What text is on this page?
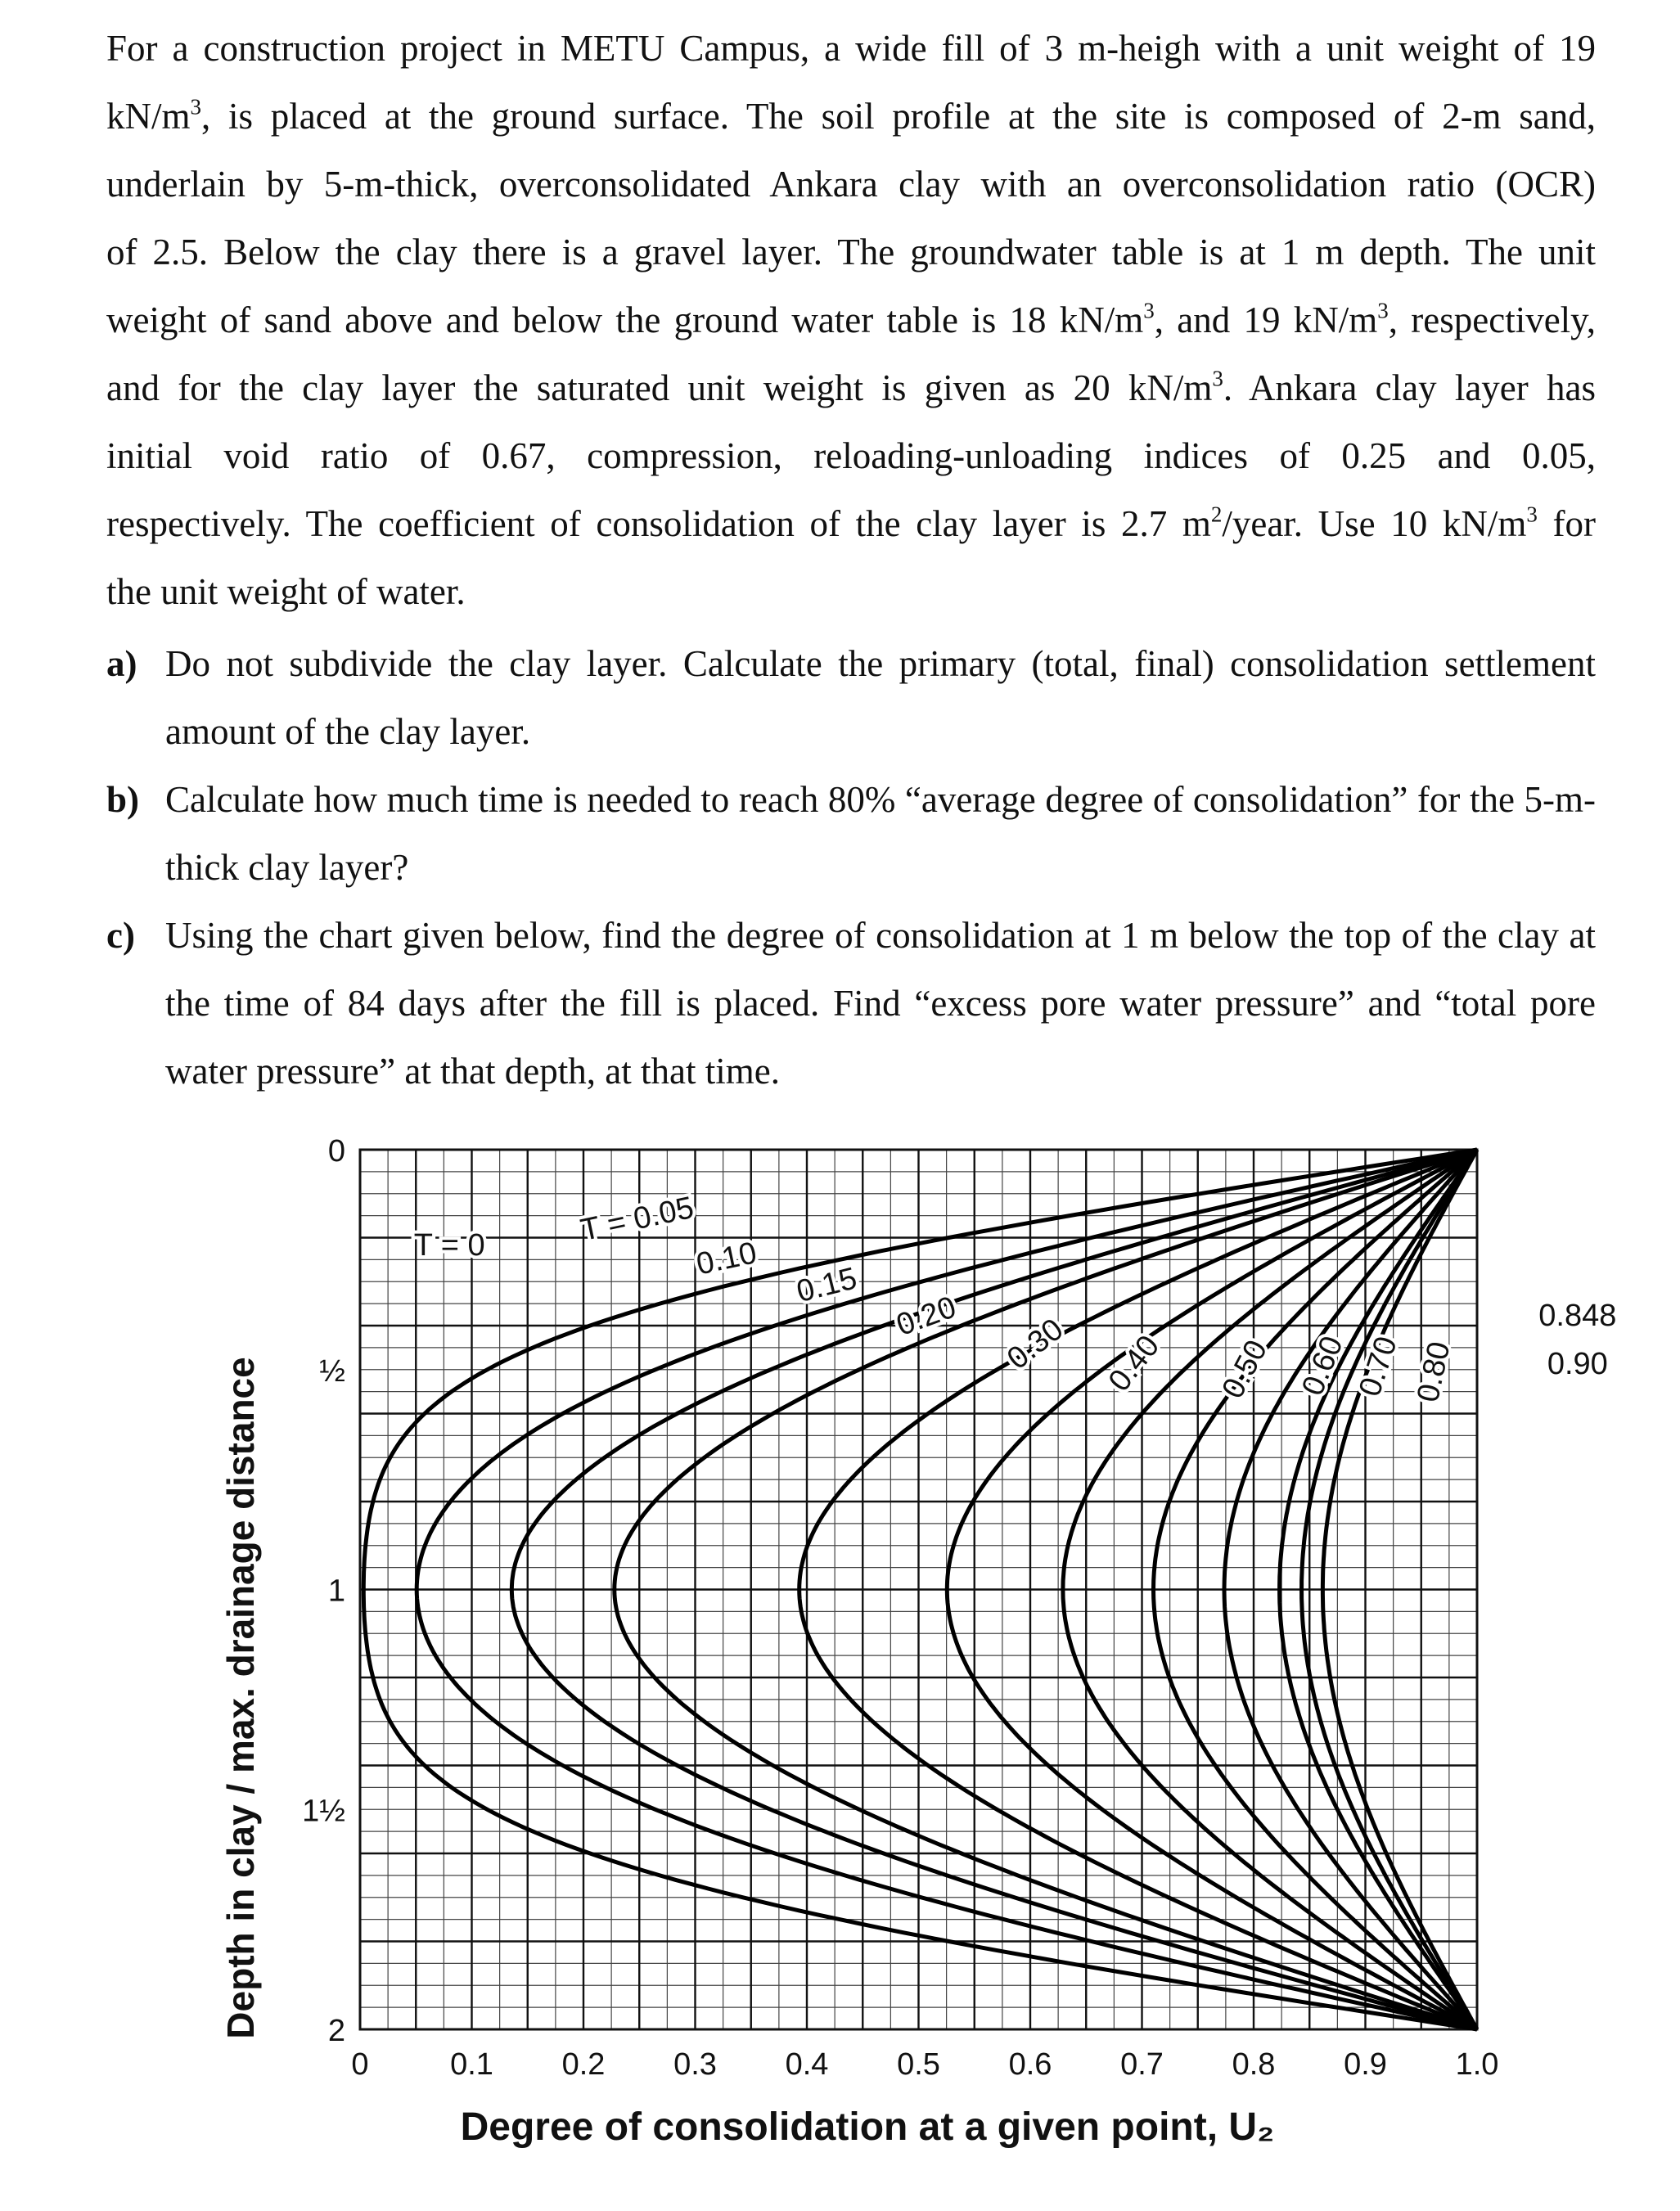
For a construction project in METU Campus, a wide fill of 3 m-heigh with a unit weight of 19

$kN/m^3$, is placed at the ground surface. The soil profile at the site is composed of 2-m sand,

underlain by 5-m-thick, overconsolidated Ankara clay with an overconsolidation ratio (OCR)

of 2.5. Below the clay there is a gravel layer. The groundwater table is at 1 m depth. The unit

weight of sand above and below the ground water table is 18 $kN/m^3$, and 19 $kN/m^3$, respectively,

and for the clay layer the saturated unit weight is given as 20 $kN/m^3$. Ankara clay layer has

initial void ratio of 0.67, compression, reloading-unloading indices of 0.25 and 0.05,

respectively. The coefficient of consolidation of the clay layer is 2.7 $m^2$/year. Use 10 $kN/m^3$ for

the unit weight of water.

a) Do not subdivide the clay layer. Calculate the primary (total, final) consolidation settlement amount of the clay layer.
b) Calculate how much time is needed to reach 80% “average degree of consolidation” for the 5-m-thick clay layer?
c) Using the chart given below, find the degree of consolidation at 1 m below the top of the clay at the time of 84 days after the fill is placed. Find “excess pore water pressure” and “total pore water pressure” at that depth, at that time.
0	0.1 0.2 0.3 0.4 0.5 0.6 0.7 0.8 0.9 1.0
0
½
1
1½
2
T = 0	T = 0.05
0.10
0.15
0.20 0.30 0.40 0.50 0.60 0.70 0.80
0.848
0.90
Depth in clay / max. drainage distance
Degree of consolidation at a given point, U₂
